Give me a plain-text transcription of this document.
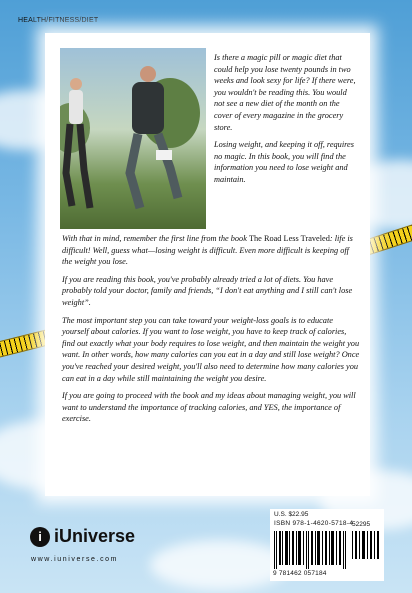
HEALTH/FITNESS/DIET

Is there a magic pill or magic diet that could help you lose twenty pounds in two weeks and look sexy for life? If there were, you wouldn't be reading this. You would not see a new diet of the month on the cover of every magazine in the grocery store.

Losing weight, and keeping it off, requires no magic. In this book, you will find the information you need to lose weight and maintain.

With that in mind, remember the first line from the book The Road Less Traveled: life is difficult! Well, guess what—losing weight is difficult. Even more difficult is keeping off the weight you lose.

If you are reading this book, you've probably already tried a lot of diets. You have probably told your doctor, family and friends, “I don't eat anything and I still can't lose weight”.

The most important step you can take toward your weight-loss goals is to educate yourself about calories. If you want to lose weight, you have to keep track of calories, find out exactly what your body requires to lose weight, and then maintain the weight you want. In other words, how many calories can you eat in a day and still lose weight? Once you've reached your desired weight, you'll also need to determine how many calories you can eat in a day while still maintaining the weight you desire.

If you are going to proceed with the book and my ideas about managing weight, you will want to understand the importance of tracking calories, and YES, the importance of exercise.

i iUniverse
www.iuniverse.com
U.S. $22.95
ISBN 978-1-4620-5718-4
52295
9 781462 057184
